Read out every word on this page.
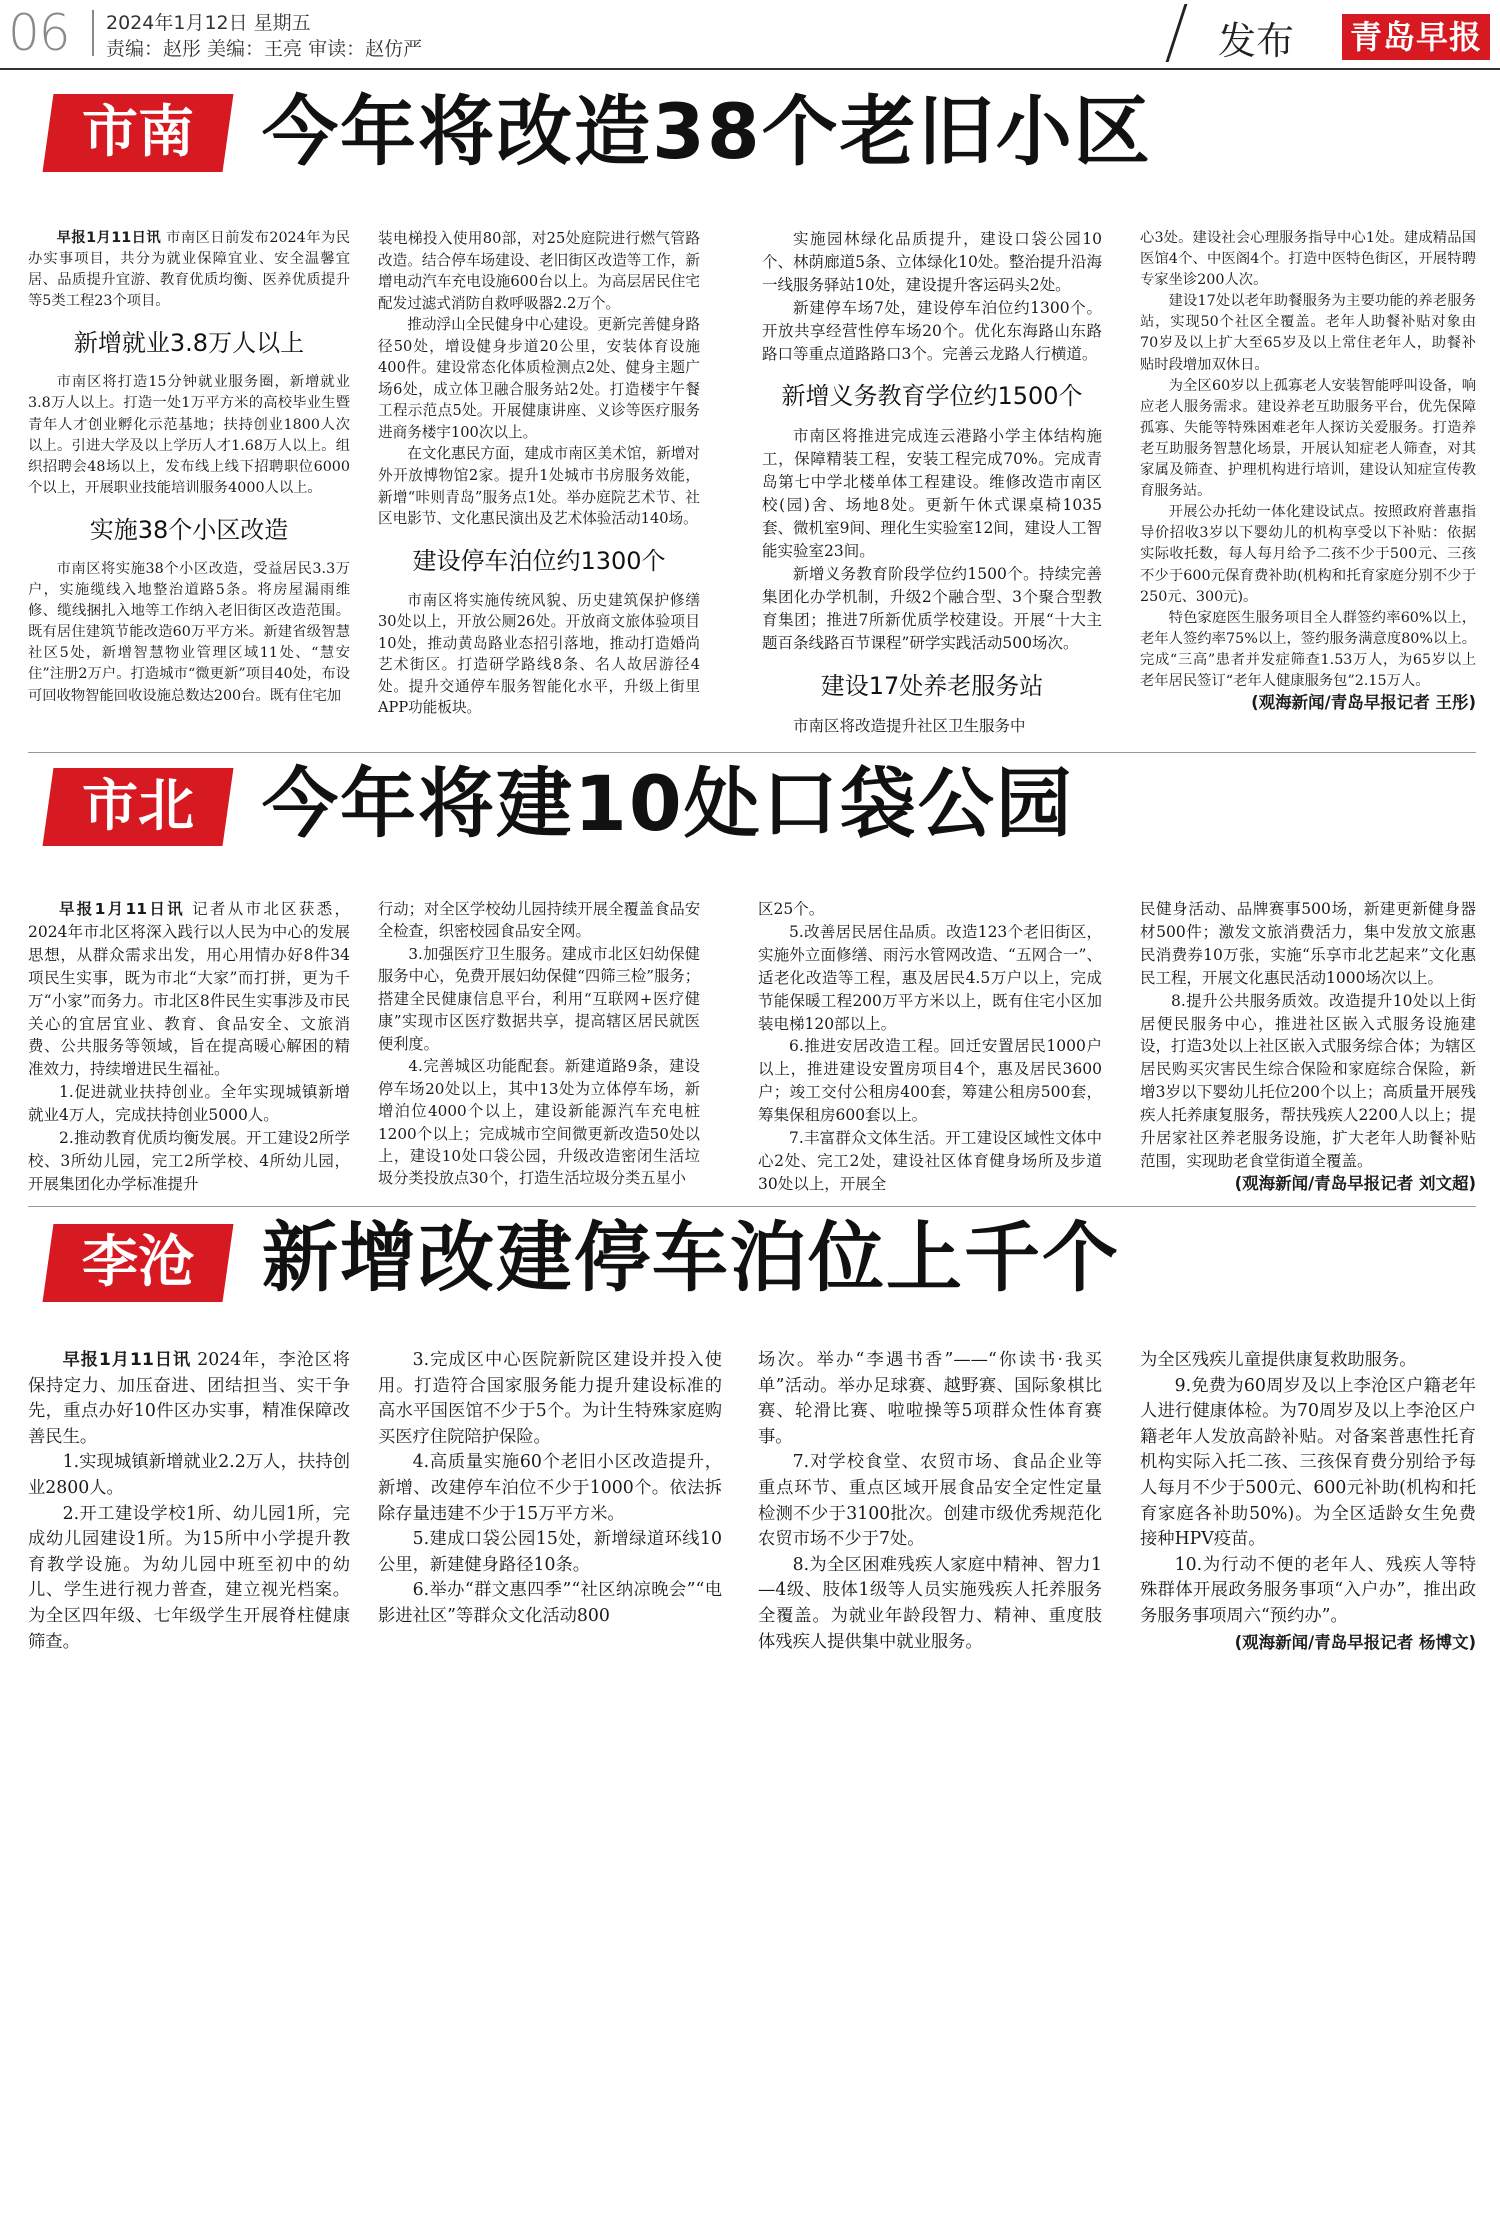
06 2024年1月12日 星期五
责编：赵彤 美编：王亮 审读：赵仿严	发布 青岛早报
市南 今年将改造38个老旧小区

早报1月11日讯 市南区日前发布2024年为民办实事项目，共分为就业保障宜业、安全温馨宜居、品质提升宜游、教育优质均衡、医养优质提升等5类工程23个项目。

新增就业3.8万人以上

市南区将打造15分钟就业服务圈，新增就业3.8万人以上。打造一处1万平方米的高校毕业生暨青年人才创业孵化示范基地；扶持创业1800人次以上。引进大学及以上学历人才1.68万人以上。组织招聘会48场以上，发布线上线下招聘职位6000个以上，开展职业技能培训服务4000人以上。

实施38个小区改造

市南区将实施38个小区改造，受益居民3.3万户，实施缆线入地整治道路5条。将房屋漏雨维修、缆线捆扎入地等工作纳入老旧街区改造范围。既有居住建筑节能改造60万平方米。新建省级智慧社区5处，新增智慧物业管理区域11处、“慧安住”注册2万户。打造城市“微更新”项目40处，布设可回收物智能回收设施总数达200台。既有住宅加

装电梯投入使用80部，对25处庭院进行燃气管路改造。结合停车场建设、老旧街区改造等工作，新增电动汽车充电设施600台以上。为高层居民住宅配发过滤式消防自救呼吸器2.2万个。

推动浮山全民健身中心建设。更新完善健身路径50处，增设健身步道20公里，安装体育设施400件。建设常态化体质检测点2处、健身主题广场6处，成立体卫融合服务站2处。打造楼宇午餐工程示范点5处。开展健康讲座、义诊等医疗服务进商务楼宇100次以上。

在文化惠民方面，建成市南区美术馆，新增对外开放博物馆2家。提升1处城市书房服务效能，新增“咔则青岛”服务点1处。举办庭院艺术节、社区电影节、文化惠民演出及艺术体验活动140场。

建设停车泊位约1300个

市南区将实施传统风貌、历史建筑保护修缮30处以上，开放公厕26处。开放商文旅体验项目10处，推动黄岛路业态招引落地，推动打造婚尚艺术街区。打造研学路线8条、名人故居游径4处。提升交通停车服务智能化水平，升级上街里APP功能板块。

实施园林绿化品质提升，建设口袋公园10个、林荫廊道5条、立体绿化10处。整治提升沿海一线服务驿站10处，建设提升客运码头2处。

新建停车场7处，建设停车泊位约1300个。开放共享经营性停车场20个。优化东海路山东路路口等重点道路路口3个。完善云龙路人行横道。

新增义务教育学位约1500个

市南区将推进完成连云港路小学主体结构施工，保障精装工程，安装工程完成70%。完成青岛第七中学北楼单体工程建设。维修改造市南区校(园)舍、场地8处。更新午休式课桌椅1035套、微机室9间、理化生实验室12间，建设人工智能实验室23间。

新增义务教育阶段学位约1500个。持续完善集团化办学机制，升级2个融合型、3个聚合型教育集团；推进7所新优质学校建设。开展“十大主题百条线路百节课程”研学实践活动500场次。

建设17处养老服务站

市南区将改造提升社区卫生服务中

心3处。建设社会心理服务指导中心1处。建成精品国医馆4个、中医阁4个。打造中医特色街区，开展特聘专家坐诊200人次。

建设17处以老年助餐服务为主要功能的养老服务站，实现50个社区全覆盖。老年人助餐补贴对象由70岁及以上扩大至65岁及以上常住老年人，助餐补贴时段增加双休日。

为全区60岁以上孤寡老人安装智能呼叫设备，响应老人服务需求。建设养老互助服务平台，优先保障孤寡、失能等特殊困难老年人探访关爱服务。打造养老互助服务智慧化场景，开展认知症老人筛查，对其家属及筛查、护理机构进行培训，建设认知症宣传教育服务站。

开展公办托幼一体化建设试点。按照政府普惠指导价招收3岁以下婴幼儿的机构享受以下补贴：依据实际收托数，每人每月给予二孩不少于500元、三孩不少于600元保育费补助(机构和托育家庭分别不少于250元、300元)。

特色家庭医生服务项目全人群签约率60%以上，老年人签约率75%以上，签约服务满意度80%以上。完成“三高”患者并发症筛查1.53万人，为65岁以上老年居民签订“老年人健康服务包”2.15万人。

(观海新闻/青岛早报记者 王彤)

市北 今年将建10处口袋公园

早报1月11日讯 记者从市北区获悉，2024年市北区将深入践行以人民为中心的发展思想，从群众需求出发，用心用情办好8件34项民生实事，既为市北“大家”而打拼，更为千万“小家”而务力。市北区8件民生实事涉及市民关心的宜居宜业、教育、食品安全、文旅消费、公共服务等领域，旨在提高暖心解困的精准效力，持续增进民生福祉。

1.促进就业扶持创业。全年实现城镇新增就业4万人，完成扶持创业5000人。

2.推动教育优质均衡发展。开工建设2所学校、3所幼儿园，完工2所学校、4所幼儿园，开展集团化办学标准提升

行动；对全区学校幼儿园持续开展全覆盖食品安全检查，织密校园食品安全网。

3.加强医疗卫生服务。建成市北区妇幼保健服务中心，免费开展妇幼保健“四筛三检”服务；搭建全民健康信息平台，利用“互联网+医疗健康”实现市区医疗数据共享，提高辖区居民就医便利度。

4.完善城区功能配套。新建道路9条，建设停车场20处以上，其中13处为立体停车场，新增泊位4000个以上，建设新能源汽车充电桩1200个以上；完成城市空间微更新改造50处以上，建设10处口袋公园，升级改造密闭生活垃圾分类投放点30个，打造生活垃圾分类五星小

区25个。

5.改善居民居住品质。改造123个老旧街区，实施外立面修缮、雨污水管网改造、“五网合一”、适老化改造等工程，惠及居民4.5万户以上，完成节能保暖工程200万平方米以上，既有住宅小区加装电梯120部以上。

6.推进安居改造工程。回迁安置居民1000户以上，推进建设安置房项目4个，惠及居民3600户；竣工交付公租房400套，筹建公租房500套，筹集保租房600套以上。

7.丰富群众文体生活。开工建设区域性文体中心2处、完工2处，建设社区体育健身场所及步道30处以上，开展全

民健身活动、品牌赛事500场，新建更新健身器材500件；激发文旅消费活力，集中发放文旅惠民消费券10万张，实施“乐享市北艺起来”文化惠民工程，开展文化惠民活动1000场次以上。

8.提升公共服务质效。改造提升10处以上街居便民服务中心，推进社区嵌入式服务设施建设，打造3处以上社区嵌入式服务综合体；为辖区居民购买灾害民生综合保险和家庭综合保险，新增3岁以下婴幼儿托位200个以上；高质量开展残疾人托养康复服务，帮扶残疾人2200人以上；提升居家社区养老服务设施，扩大老年人助餐补贴范围，实现助老食堂街道全覆盖。

(观海新闻/青岛早报记者 刘文超)

李沧 新增改建停车泊位上千个

早报1月11日讯 2024年，李沧区将保持定力、加压奋进、团结担当、实干争先，重点办好10件区办实事，精准保障改善民生。

1.实现城镇新增就业2.2万人，扶持创业2800人。

2.开工建设学校1所、幼儿园1所，完成幼儿园建设1所。为15所中小学提升教育教学设施。为幼儿园中班至初中的幼儿、学生进行视力普查，建立视光档案。为全区四年级、七年级学生开展脊柱健康筛查。

3.完成区中心医院新院区建设并投入使用。打造符合国家服务能力提升建设标准的高水平国医馆不少于5个。为计生特殊家庭购买医疗住院陪护保险。

4.高质量实施60个老旧小区改造提升，新增、改建停车泊位不少于1000个。依法拆除存量违建不少于15万平方米。

5.建成口袋公园15处，新增绿道环线10公里，新建健身路径10条。

6.举办“群文惠四季”“社区纳凉晚会”“电影进社区”等群众文化活动800

场次。举办“李遇书香”——“你读书·我买单”活动。举办足球赛、越野赛、国际象棋比赛、轮滑比赛、啦啦操等5项群众性体育赛事。

7.对学校食堂、农贸市场、食品企业等重点环节、重点区域开展食品安全定性定量检测不少于3100批次。创建市级优秀规范化农贸市场不少于7处。

8.为全区困难残疾人家庭中精神、智力1—4级、肢体1级等人员实施残疾人托养服务全覆盖。为就业年龄段智力、精神、重度肢体残疾人提供集中就业服务。

为全区残疾儿童提供康复救助服务。

9.免费为60周岁及以上李沧区户籍老年人进行健康体检。为70周岁及以上李沧区户籍老年人发放高龄补贴。对备案普惠性托育机构实际入托二孩、三孩保育费分别给予每人每月不少于500元、600元补助(机构和托育家庭各补助50%)。为全区适龄女生免费接种HPV疫苗。

10.为行动不便的老年人、残疾人等特殊群体开展政务服务事项“入户办”，推出政务服务事项周六“预约办”。

(观海新闻/青岛早报记者 杨博文)
